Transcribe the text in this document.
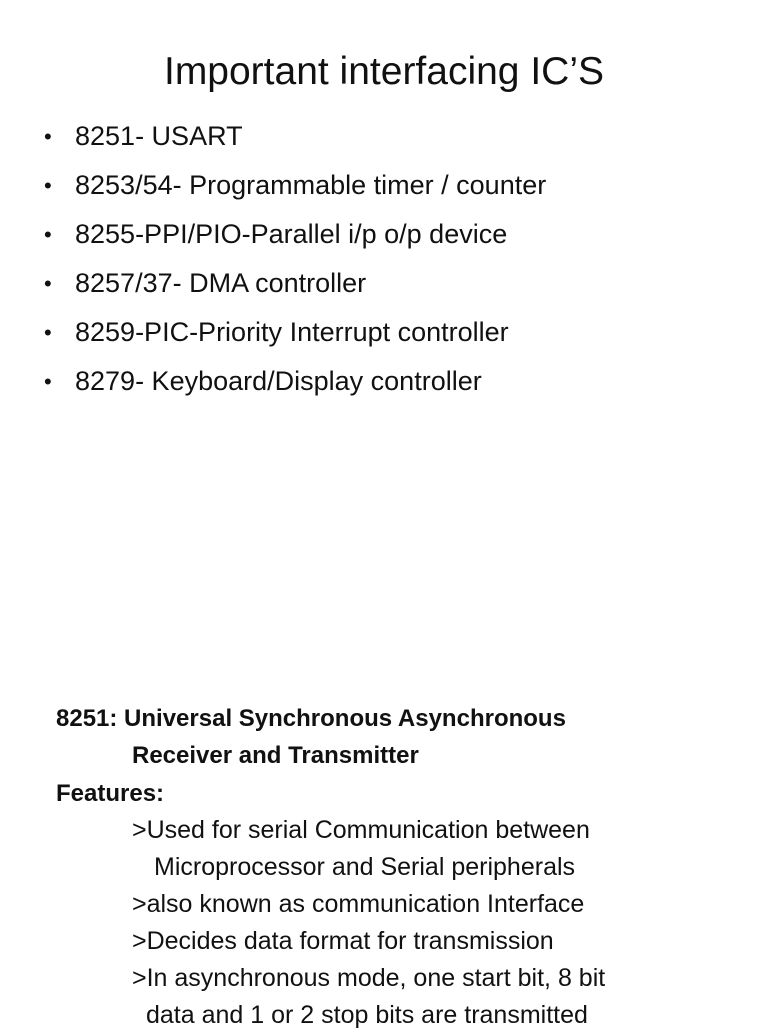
Important interfacing IC’S
• 8251- USART
• 8253/54- Programmable timer / counter
• 8255-PPI/PIO-Parallel i/p o/p device
• 8257/37- DMA controller
• 8259-PIC-Priority Interrupt controller
• 8279- Keyboard/Display controller
8251: Universal Synchronous Asynchronous
Receiver and Transmitter

Features:

>Used for serial Communication between
Microprocessor and Serial peripherals
>also known as communication Interface
>Decides data format for transmission
>In asynchronous mode, one start bit, 8 bit
data and 1 or 2 stop bits are transmitted
